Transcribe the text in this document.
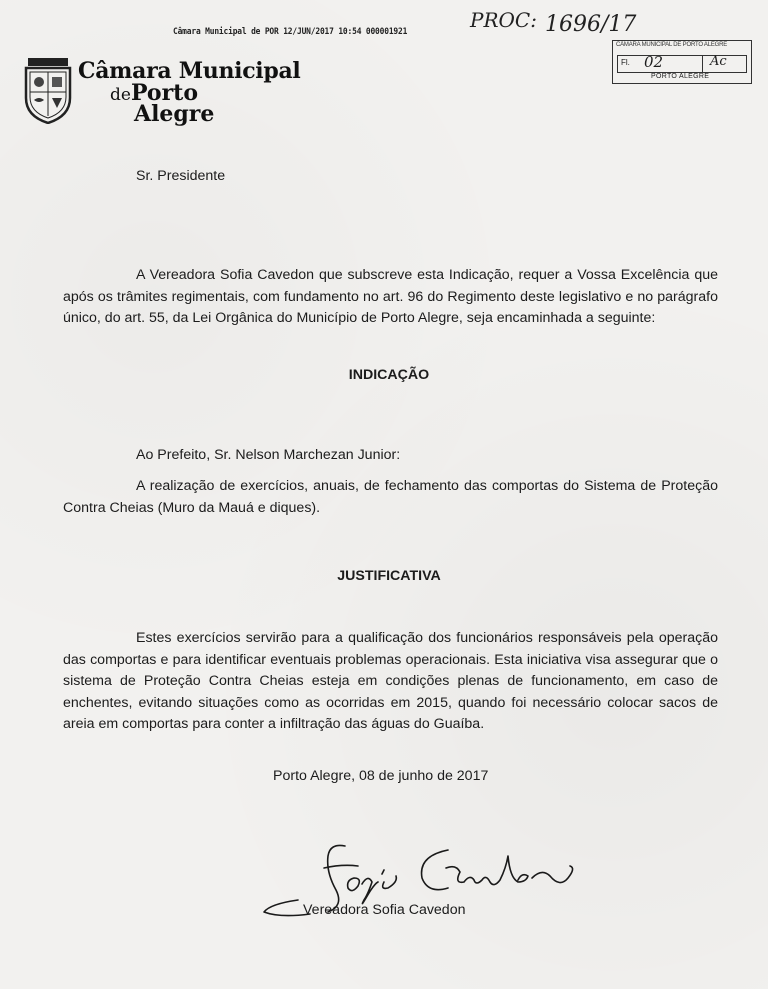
Câmara Municipal de POR 12/JUN/2017 10:54 000001921	PROC: 1696/17
CÂMARA MUNICIPAL DE PORTO ALEGRE
Fl. 02	Ac
PORTO ALEGRE
Câmara Municipal
dePorto
Alegre
Sr. Presidente
A Vereadora Sofia Cavedon que subscreve esta Indicação, requer a Vossa Excelência que após os trâmites regimentais, com fundamento no art. 96 do Regimento deste legislativo e no parágrafo único, do art. 55, da Lei Orgânica do Município de Porto Alegre, seja encaminhada a seguinte:
INDICAÇÃO
Ao Prefeito, Sr. Nelson Marchezan Junior:
A realização de exercícios, anuais, de fechamento das comportas do Sistema de Proteção Contra Cheias (Muro da Mauá e diques).
JUSTIFICATIVA
Estes exercícios servirão para a qualificação dos funcionários responsáveis pela operação das comportas e para identificar eventuais problemas operacionais. Esta iniciativa visa assegurar que o sistema de Proteção Contra Cheias esteja em condições plenas de funcionamento, em caso de enchentes, evitando situações como as ocorridas em 2015, quando foi necessário colocar sacos de areia em comportas para conter a infiltração das águas do Guaíba.
Porto Alegre, 08 de junho de 2017
Vereadora Sofia Cavedon
